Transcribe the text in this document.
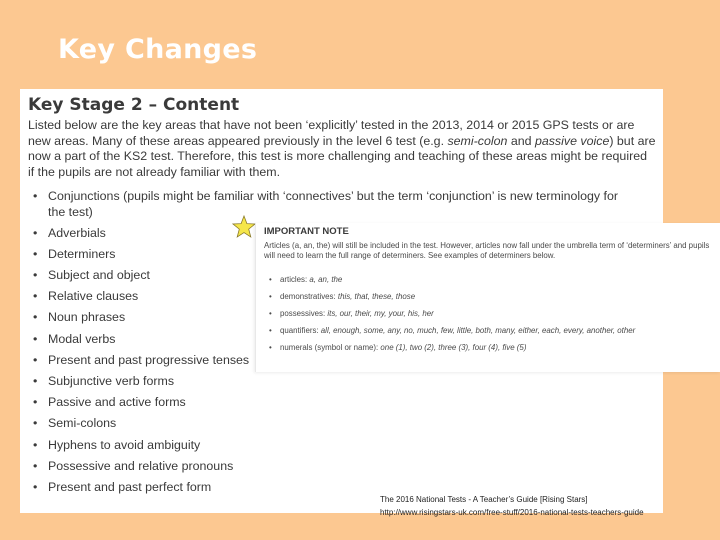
Key Changes
Key Stage 2 – Content

Listed below are the key areas that have not been ‘explicitly’ tested in the 2013, 2014 or 2015 GPS tests or are new areas. Many of these areas appeared previously in the level 6 test (e.g. semi-colon and passive voice) but are now a part of the KS2 test. Therefore, this test is more challenging and teaching of these areas might be required if the pupils are not already familiar with them.

• Conjunctions (pupils might be familiar with ‘connectives’ but the term ‘conjunction’ is new terminology for the test)
• Adverbials
• Determiners
• Subject and object
• Relative clauses
• Noun phrases
• Modal verbs
• Present and past progressive tenses
• Subjunctive verb forms
• Passive and active forms
• Semi-colons
• Hyphens to avoid ambiguity
• Possessive and relative pronouns
• Present and past perfect form
IMPORTANT NOTE

Articles (a, an, the) will still be included in the test. However, articles now fall under the umbrella term of ‘determiners’ and pupils will need to learn the full range of determiners. See examples of determiners below.

• articles: a, an, the
• demonstratives: this, that, these, those
• possessives: its, our, their, my, your, his, her
• quantifiers: all, enough, some, any, no, much, few, little, both, many, either, each, every, another, other
• numerals (symbol or name): one (1), two (2), three (3), four (4), five (5)
The 2016 National Tests - A Teacher’s Guide [Rising Stars]
http://www.risingstars-uk.com/free-stuff/2016-national-tests-teachers-guide
